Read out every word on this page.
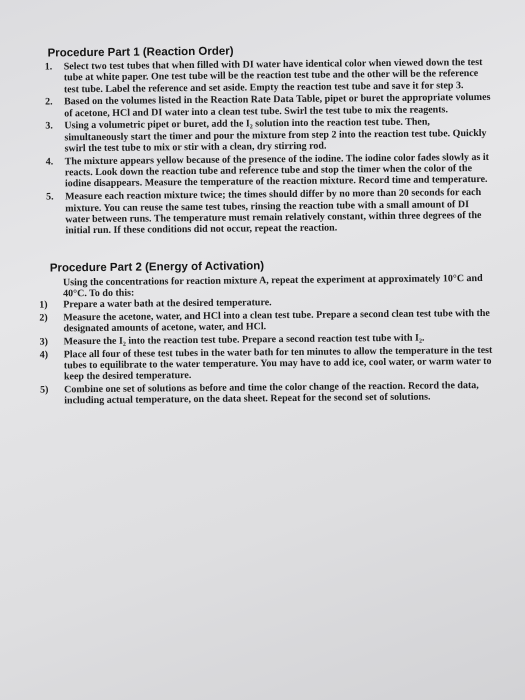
Procedure Part 1 (Reaction Order)
1.	Select two test tubes that when filled with DI water have identical color when viewed down the test tube at white paper. One test tube will be the reaction test tube and the other will be the reference test tube. Label the reference and set aside. Empty the reaction test tube and save it for step 3.
2.	Based on the volumes listed in the Reaction Rate Data Table, pipet or buret the appropriate volumes of acetone, HCl and DI water into a clean test tube. Swirl the test tube to mix the reagents.
3.	Using a volumetric pipet or buret, add the I₂ solution into the reaction test tube. Then, simultaneously start the timer and pour the mixture from step 2 into the reaction test tube. Quickly swirl the test tube to mix or stir with a clean, dry stirring rod.
4.	The mixture appears yellow because of the presence of the iodine. The iodine color fades slowly as it reacts. Look down the reaction tube and reference tube and stop the timer when the color of the iodine disappears. Measure the temperature of the reaction mixture. Record time and temperature.
5.	Measure each reaction mixture twice; the times should differ by no more than 20 seconds for each mixture. You can reuse the same test tubes, rinsing the reaction tube with a small amount of DI water between runs. The temperature must remain relatively constant, within three degrees of the initial run. If these conditions did not occur, repeat the reaction.
Procedure Part 2 (Energy of Activation)
Using the concentrations for reaction mixture A, repeat the experiment at approximately 10°C and 40°C. To do this:
1)	Prepare a water bath at the desired temperature.
2)	Measure the acetone, water, and HCl into a clean test tube. Prepare a second clean test tube with the designated amounts of acetone, water, and HCl.
3)	Measure the I₂ into the reaction test tube. Prepare a second reaction test tube with I₂.
4)	Place all four of these test tubes in the water bath for ten minutes to allow the temperature in the test tubes to equilibrate to the water temperature. You may have to add ice, cool water, or warm water to keep the desired temperature.
5)	Combine one set of solutions as before and time the color change of the reaction. Record the data, including actual temperature, on the data sheet. Repeat for the second set of solutions.
